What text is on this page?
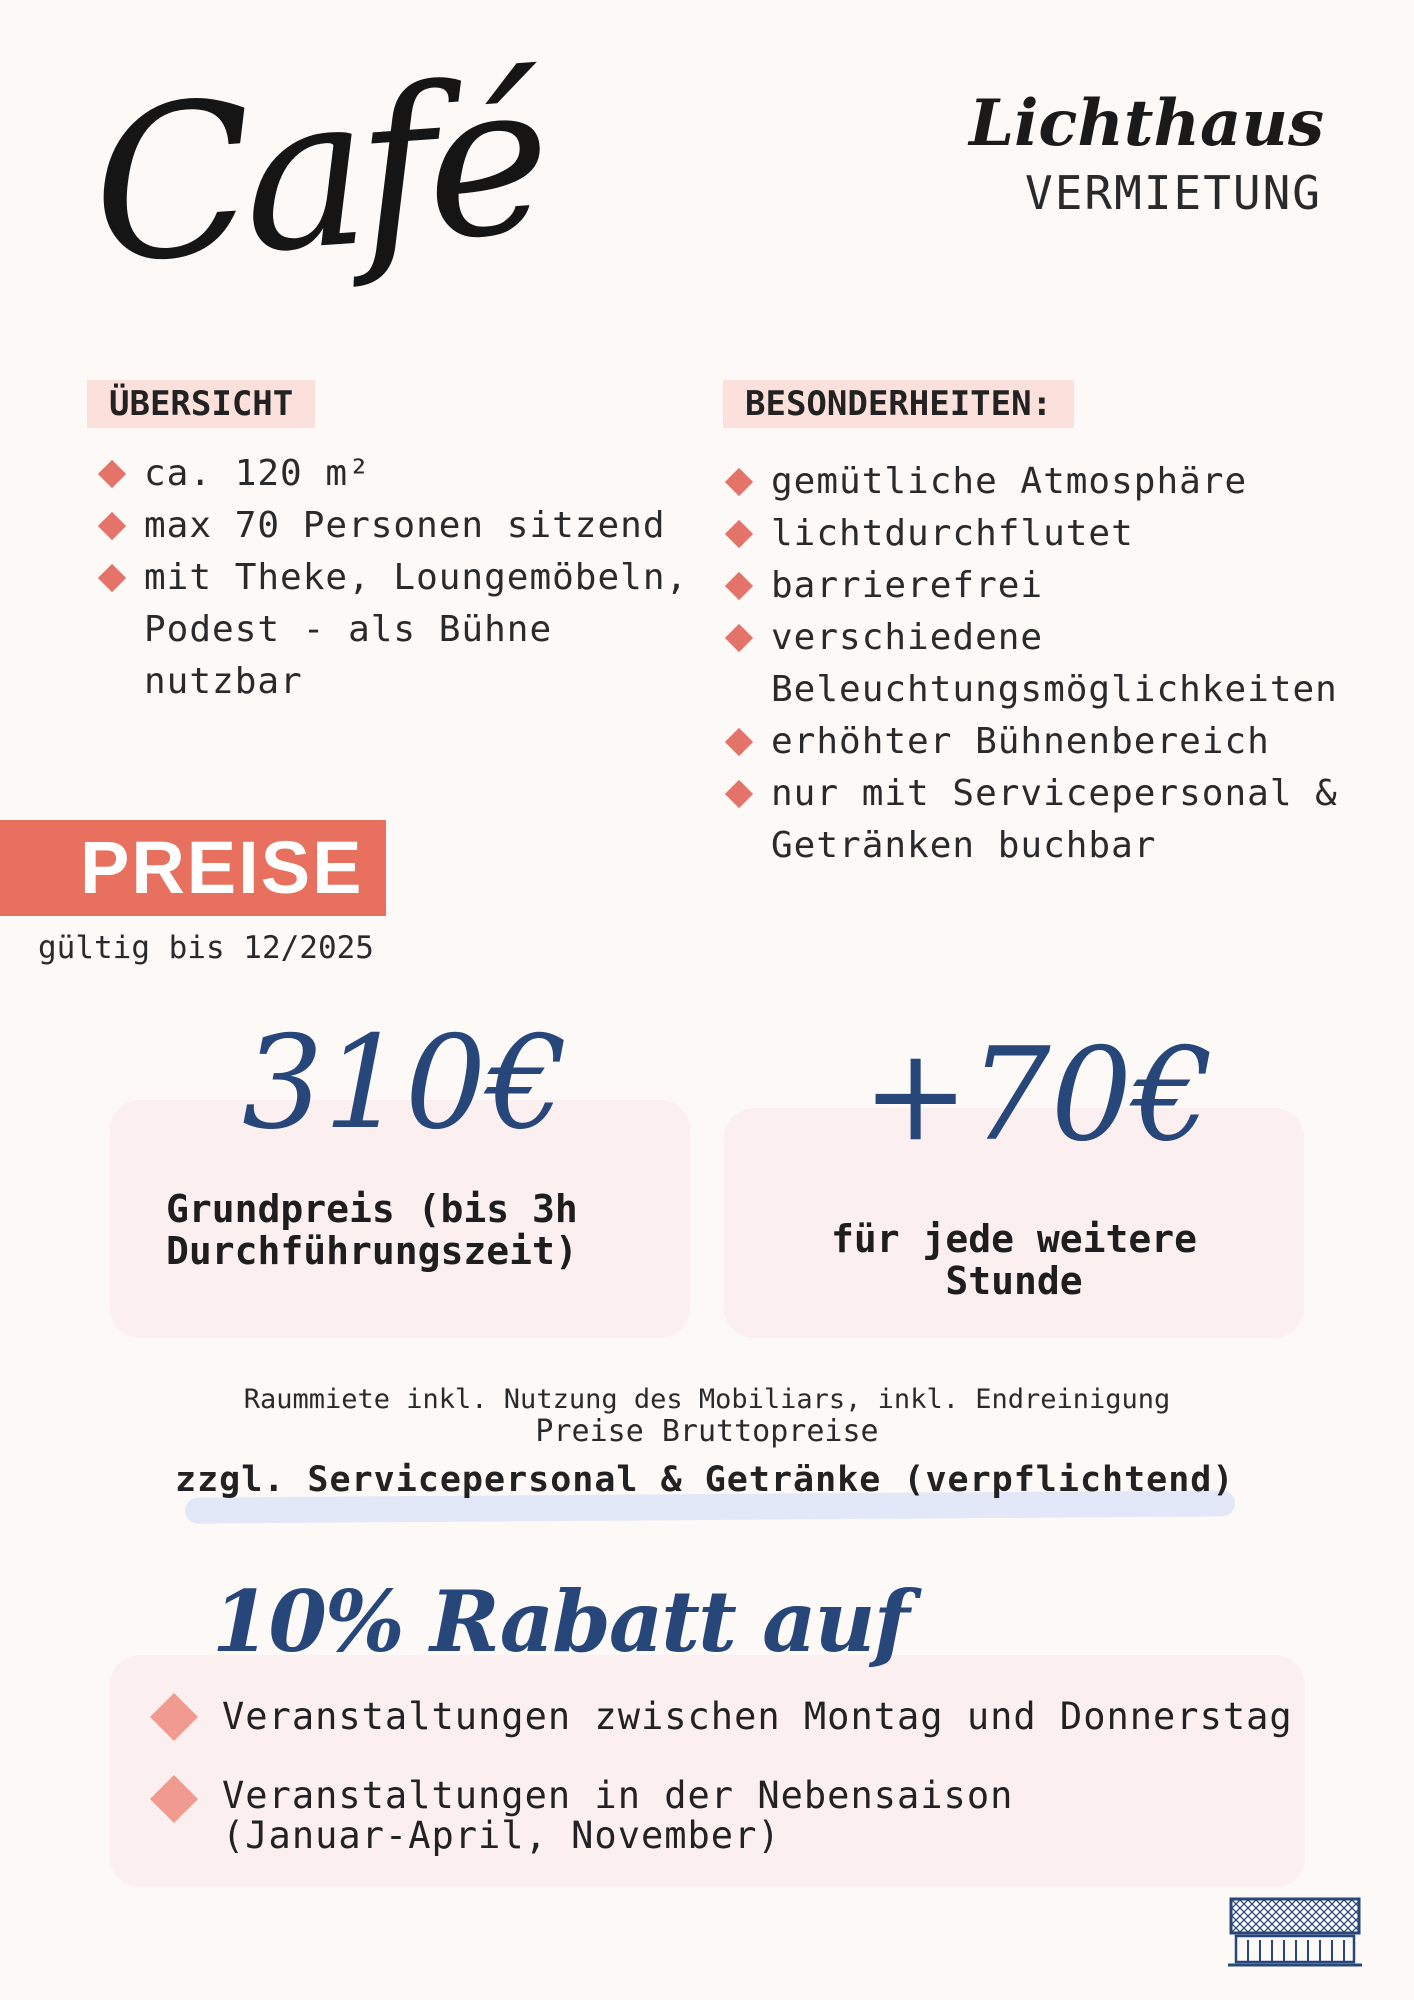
Café	Lichthaus
VERMIETUNG
ÜBERSICHT
ca. 120 m²
max 70 Personen sitzend
mit Theke, Loungemöbeln,
Podest - als Bühne
nutzbar
BESONDERHEITEN:
gemütliche Atmosphäre
lichtdurchflutet
barrierefrei
verschiedene
Beleuchtungsmöglichkeiten
erhöhter Bühnenbereich
nur mit Servicepersonal &
Getränken buchbar
PREISE
gültig bis 12/2025
310€
Grundpreis (bis 3h
Durchführungszeit)
+70€
für jede weitere
Stunde
Raummiete inkl. Nutzung des Mobiliars, inkl. Endreinigung
Preise Bruttopreise
zzgl. Servicepersonal & Getränke (verpflichtend)
10% Rabatt auf
Veranstaltungen zwischen Montag und Donnerstag
Veranstaltungen in der Nebensaison
(Januar-April, November)
